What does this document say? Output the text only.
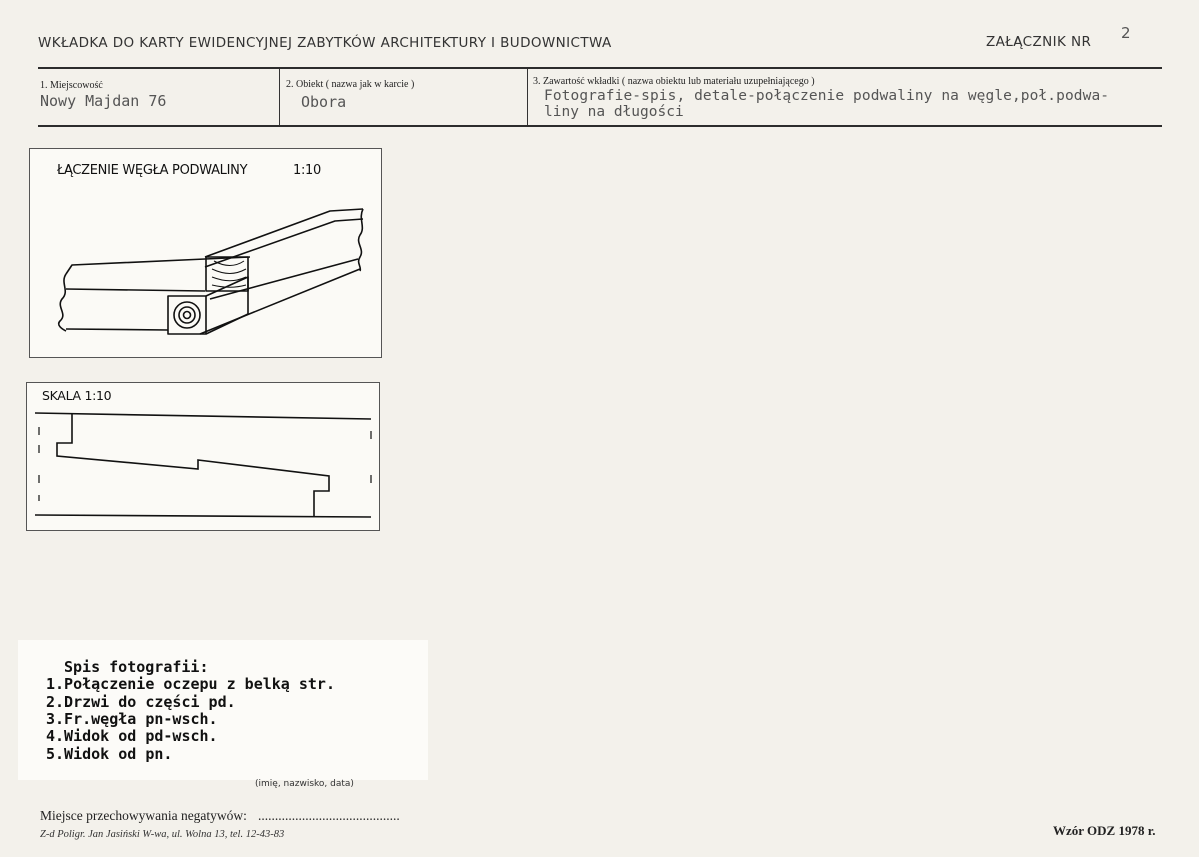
WKŁADKA DO KARTY EWIDENCYJNEJ ZABYTKÓW ARCHITEKTURY I BUDOWNICTWA	ZAŁĄCZNIK NR 2
1. Miejscowość
Nowy Majdan 76
2. Obiekt ( nazwa jak w karcie )
Obora
3. Zawartość wkładki ( nazwa obiektu lub materiału uzupełniającego )
Fotografie-spis, detale-połączenie podwaliny na węgle,poł.podwa-
liny na długości
ŁĄCZENIE WĘGŁA PODWALINY	1:10
SKALA 1:10
Spis fotografii:
1.Połączenie oczepu z belką str.
2.Drzwi do części pd.
3.Fr.węgła pn-wsch.
4.Widok od pd-wsch.
5.Widok od pn.
(imię, nazwisko, data)
Miejsce przechowywania negatywów: ..........................................
Z-d Poligr. Jan Jasiński W-wa, ul. Wolna 13, tel. 12-43-83	Wzór ODZ 1978 r.
